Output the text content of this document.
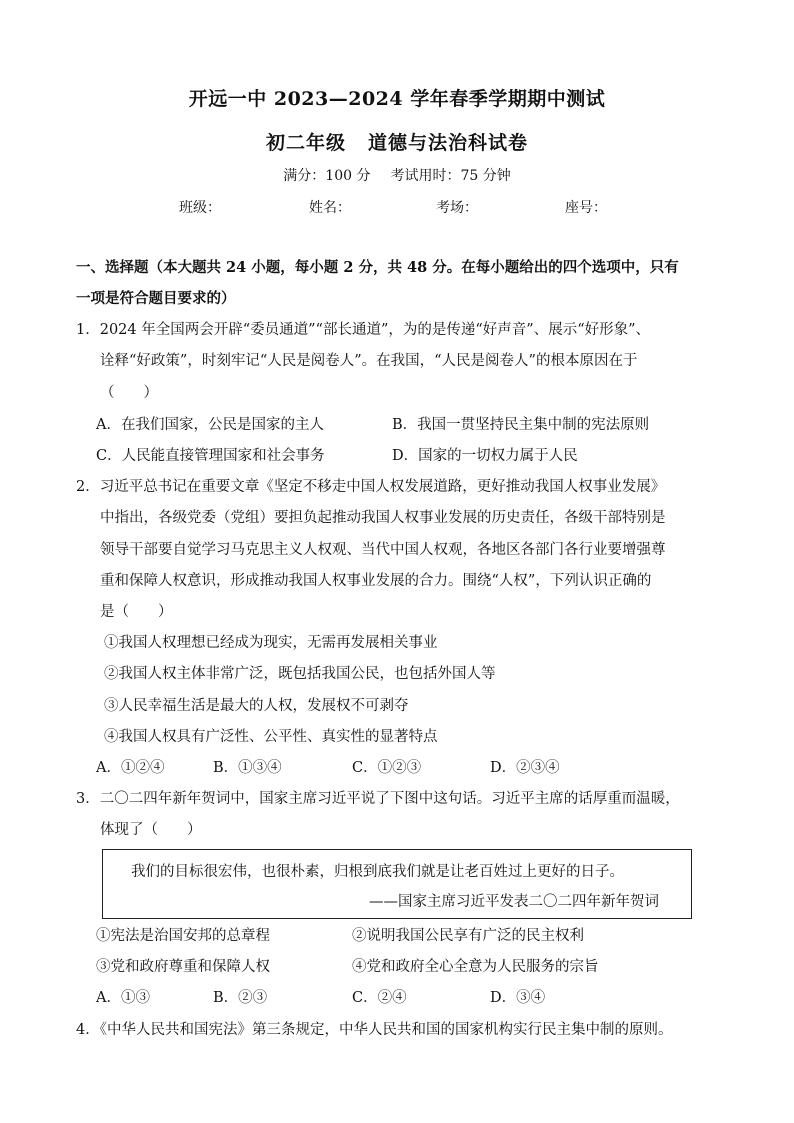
开远一中 2023—2024 学年春季学期期中测试
初二年级 道德与法治科试卷
满分：100 分 考试用时：75 分钟
班级：	姓名：	考场：	座号：
一、选择题（本大题共 24 小题，每小题 2 分，共 48 分。在每小题给出的四个选项中，只有
一项是符合题目要求的）
1．2024 年全国两会开辟“委员通道”“部长通道”，为的是传递“好声音”、展示“好形象”、
诠释“好政策”，时刻牢记“人民是阅卷人”。在我国，“人民是阅卷人”的根本原因在于
（　　）
A．在我们国家，公民是国家的主人	B．我国一贯坚持民主集中制的宪法原则
C．人民能直接管理国家和社会事务	D．国家的一切权力属于人民
2．习近平总书记在重要文章《坚定不移走中国人权发展道路，更好推动我国人权事业发展》
中指出，各级党委（党组）要担负起推动我国人权事业发展的历史责任，各级干部特别是
领导干部要自觉学习马克思主义人权观、当代中国人权观，各地区各部门各行业要增强尊
重和保障人权意识，形成推动我国人权事业发展的合力。围绕“人权”，下列认识正确的
是（　　）
①我国人权理想已经成为现实，无需再发展相关事业
②我国人权主体非常广泛，既包括我国公民，也包括外国人等
③人民幸福生活是最大的人权，发展权不可剥夺
④我国人权具有广泛性、公平性、真实性的显著特点
A．①②④	B．①③④	C．①②③	D．②③④
3．二〇二四年新年贺词中，国家主席习近平说了下图中这句话。习近平主席的话厚重而温暖，
体现了（　　）
我们的目标很宏伟，也很朴素，归根到底我们就是让老百姓过上更好的日子。
——国家主席习近平发表二〇二四年新年贺词
①宪法是治国安邦的总章程	②说明我国公民享有广泛的民主权利
③党和政府尊重和保障人权	④党和政府全心全意为人民服务的宗旨
A．①③	B．②③	C．②④	D．③④
4．《中华人民共和国宪法》第三条规定，中华人民共和国的国家机构实行民主集中制的原则。
